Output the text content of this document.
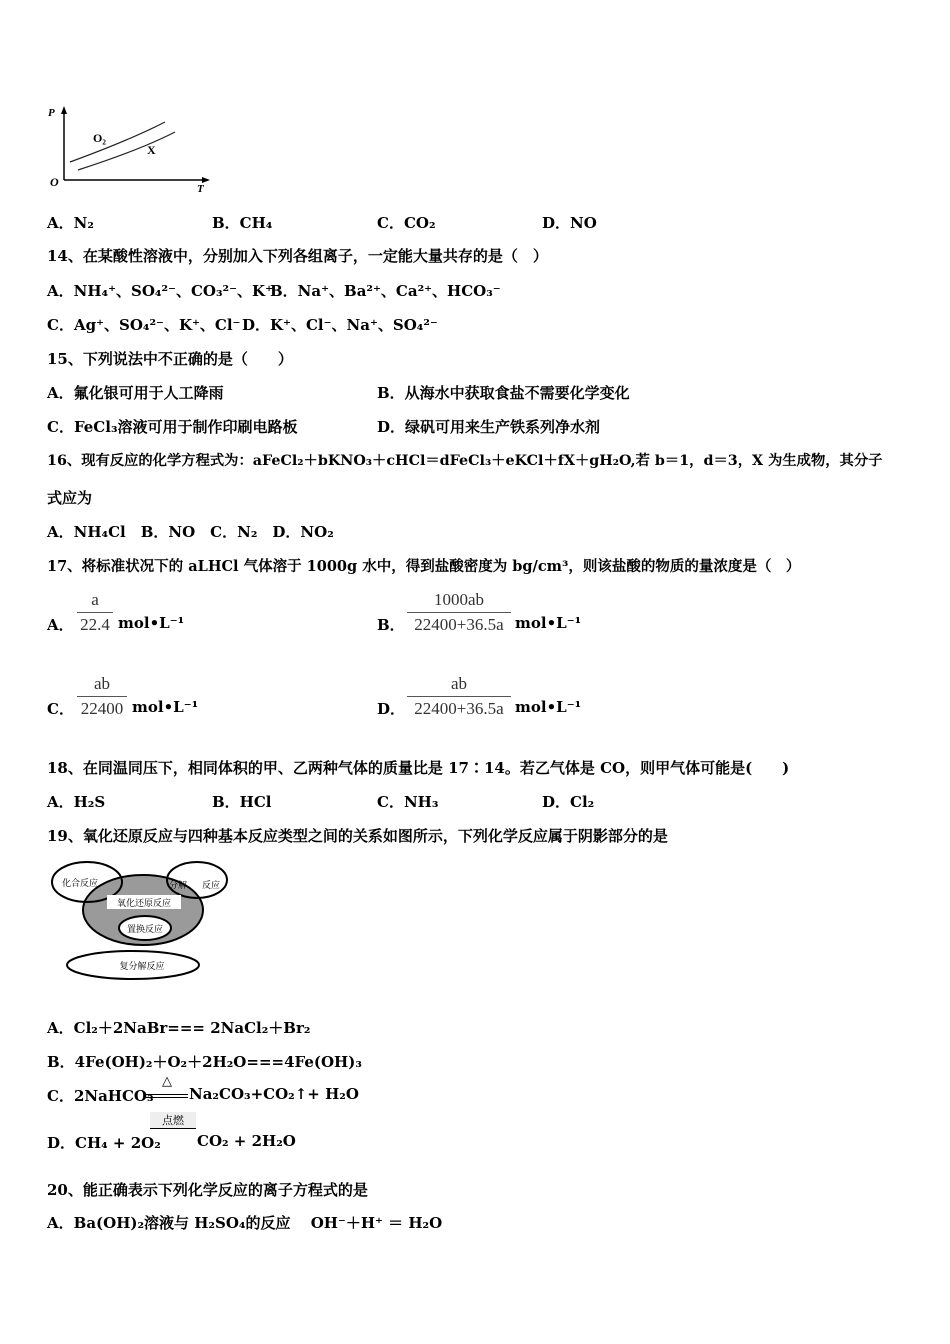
P
T
O
O₂
X
A．N₂	B．CH₄	C．CO₂	D．NO
14、在某酸性溶液中，分别加入下列各组离子，一定能大量共存的是（　）
A．NH₄⁺、SO₄²⁻、CO₃²⁻、K⁺
B．Na⁺、Ba²⁺、Ca²⁺、HCO₃⁻
C．Ag⁺、SO₄²⁻、K⁺、Cl⁻ D．K⁺、Cl⁻、Na⁺、SO₄²⁻
15、下列说法中不正确的是（　　）
A．氟化银可用于人工降雨	B．从海水中获取食盐不需要化学变化
C．FeCl₃溶液可用于制作印刷电路板	D．绿矾可用来生产铁系列净水剂
16、现有反应的化学方程式为：aFeCl₂＋bKNO₃＋cHCl＝dFeCl₃＋eKCl＋fX＋gH₂O,若 b＝1，d＝3，X 为生成物，其分子
式应为
A．NH₄Cl　B．NO　C．N₂　D．NO₂
17、将标准状况下的 aLHCl 气体溶于 1000g 水中，得到盐酸密度为 bg/cm³，则该盐酸的物质的量浓度是（　）
A．
a
22.4 mol•L⁻¹	B．
1000ab
22400+36.5a mol•L⁻¹
C．
ab
22400 mol•L⁻¹	D．
ab
22400+36.5a mol•L⁻¹
18、在同温同压下，相同体积的甲、乙两种气体的质量比是 17∶14。若乙气体是 CO，则甲气体可能是(　　)
A．H₂S	B．HCl	C．NH₃	D．Cl₂
19、氧化还原反应与四种基本反应类型之间的关系如图所示，下列化学反应属于阴影部分的是
氧化还原反应
化合反应	分解 反应
置换反应
复分解反应
A．Cl₂＋2NaBr=== 2NaCl₂＋Br₂
B．4Fe(OH)₂＋O₂＋2H₂O===4Fe(OH)₃
C．2NaHCO₃
△
Na₂CO₃+CO₂↑+ H₂O
D．CH₄ + 2O₂
点燃
CO₂ + 2H₂O
20、能正确表示下列化学反应的离子方程式的是
A．Ba(OH)₂溶液与 H₂SO₄的反应　 OH⁻＋H⁺ ＝ H₂O
